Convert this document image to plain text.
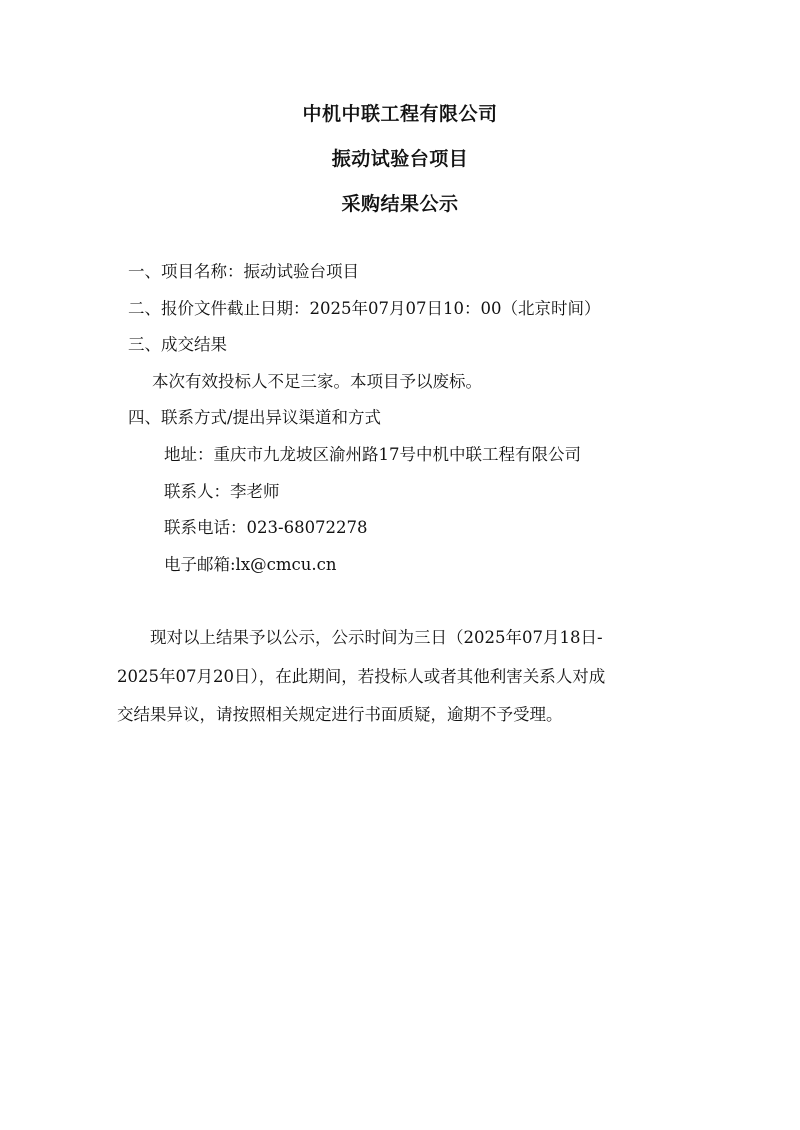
中机中联工程有限公司
振动试验台项目
采购结果公示
一、项目名称：振动试验台项目
二、报价文件截止日期：2025年07月07日10：00（北京时间）
三、成交结果
本次有效投标人不足三家。本项目予以废标。
四、联系方式/提出异议渠道和方式
地址：重庆市九龙坡区渝州路17号中机中联工程有限公司
联系人：李老师
联系电话：023-68072278
电子邮箱:lx@cmcu.cn

现对以上结果予以公示，公示时间为三日（2025年07月18日-
2025年07月20日），在此期间，若投标人或者其他利害关系人对成
交结果异议，请按照相关规定进行书面质疑，逾期不予受理。
